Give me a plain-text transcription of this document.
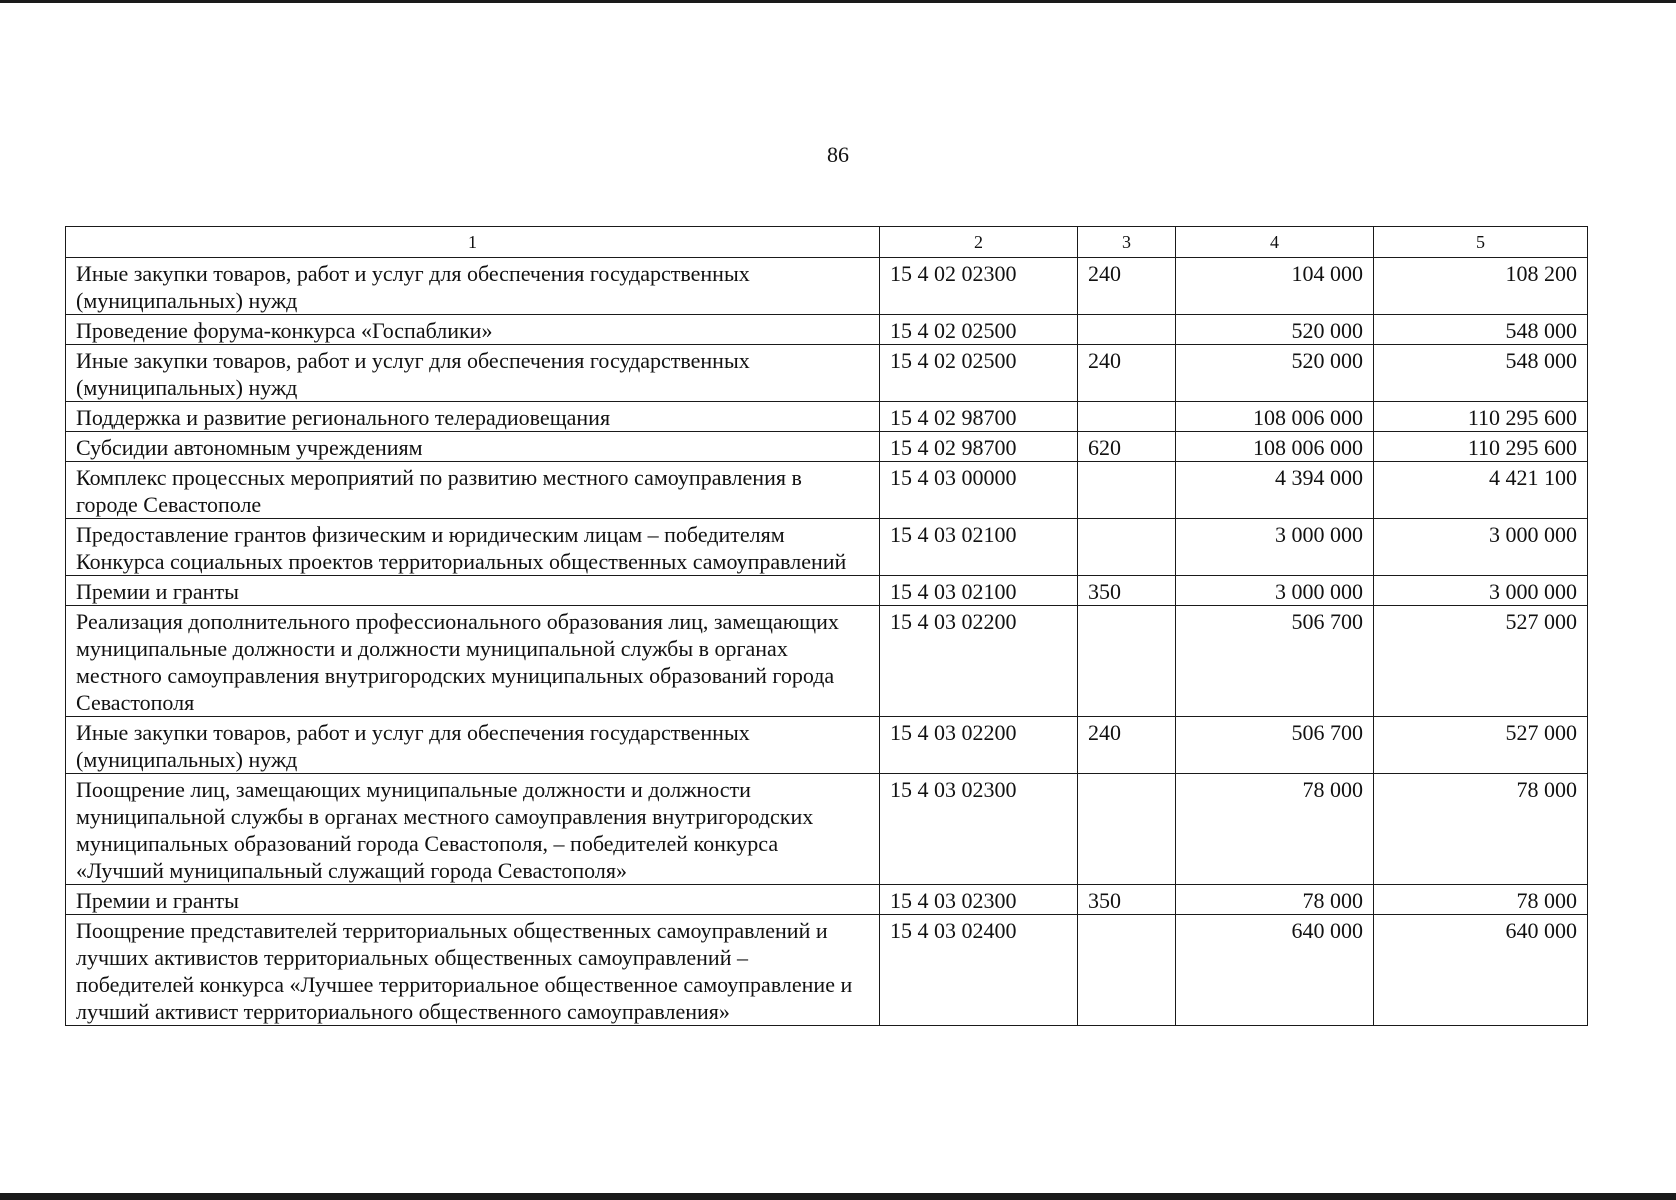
86
1	2	3	4	5
Иные закупки товаров, работ и услуг для обеспечения государственных (муниципальных) нужд	15 4 02 02300	240	104 000	108 200
Проведение форума-конкурса «Госпаблики»	15 4 02 02500		520 000	548 000
Иные закупки товаров, работ и услуг для обеспечения государственных (муниципальных) нужд	15 4 02 02500	240	520 000	548 000
Поддержка и развитие регионального телерадиовещания	15 4 02 98700		108 006 000	110 295 600
Субсидии автономным учреждениям	15 4 02 98700	620	108 006 000	110 295 600
Комплекс процессных мероприятий по развитию местного самоуправления в городе Севастополе	15 4 03 00000		4 394 000	4 421 100
Предоставление грантов физическим и юридическим лицам – победителям Конкурса социальных проектов территориальных общественных самоуправлений	15 4 03 02100		3 000 000	3 000 000
Премии и гранты	15 4 03 02100	350	3 000 000	3 000 000
Реализация дополнительного профессионального образования лиц, замещающих муниципальные должности и должности муниципальной службы в органах местного самоуправления внутригородских муниципальных образований города Севастополя	15 4 03 02200		506 700	527 000
Иные закупки товаров, работ и услуг для обеспечения государственных (муниципальных) нужд	15 4 03 02200	240	506 700	527 000
Поощрение лиц, замещающих муниципальные должности и должности муниципальной службы в органах местного самоуправления внутригородских муниципальных образований города Севастополя, – победителей конкурса «Лучший муниципальный служащий города Севастополя»	15 4 03 02300		78 000	78 000
Премии и гранты	15 4 03 02300	350	78 000	78 000
Поощрение представителей территориальных общественных самоуправлений и лучших активистов территориальных общественных самоуправлений – победителей конкурса «Лучшее территориальное общественное самоуправление и лучший активист территориального общественного самоуправления»	15 4 03 02400		640 000	640 000
